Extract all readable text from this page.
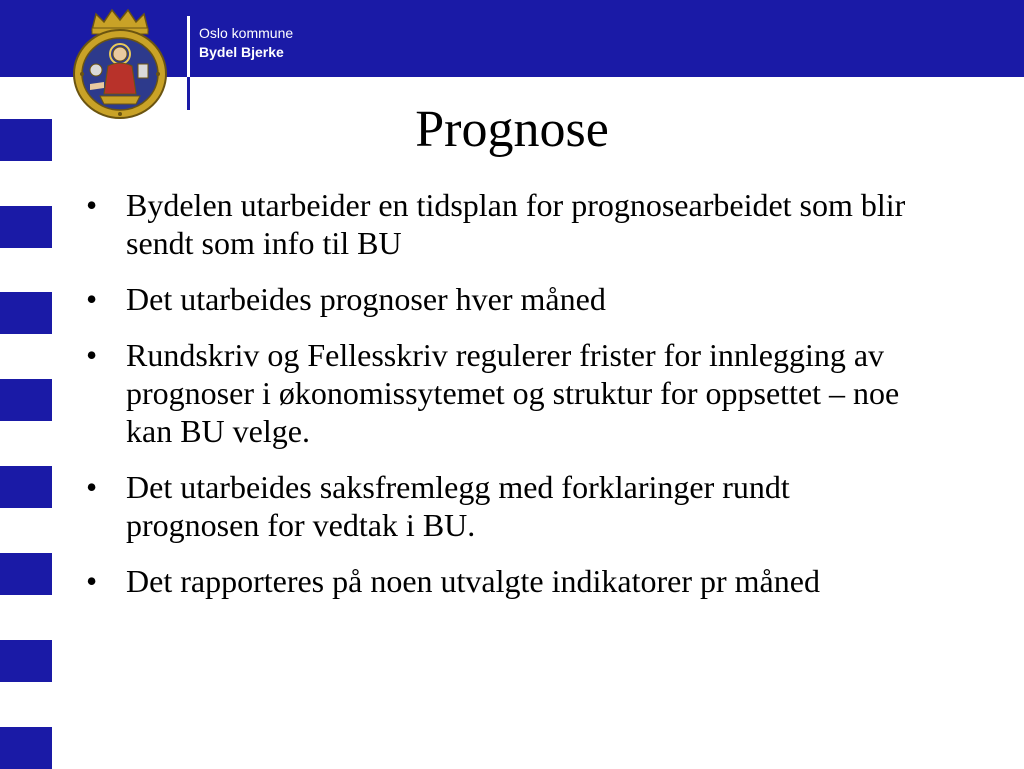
Oslo kommune
Bydel Bjerke
Prognose
• Bydelen utarbeider en tidsplan for prognosearbeidet som blir sendt som info til BU
• Det utarbeides prognoser hver måned
• Rundskriv og Fellesskriv regulerer frister for innlegging av prognoser i økonomissytemet og struktur for oppsettet – noe kan BU velge.
• Det utarbeides saksfremlegg med forklaringer rundt prognosen for vedtak i BU.
• Det rapporteres på noen utvalgte indikatorer pr måned
